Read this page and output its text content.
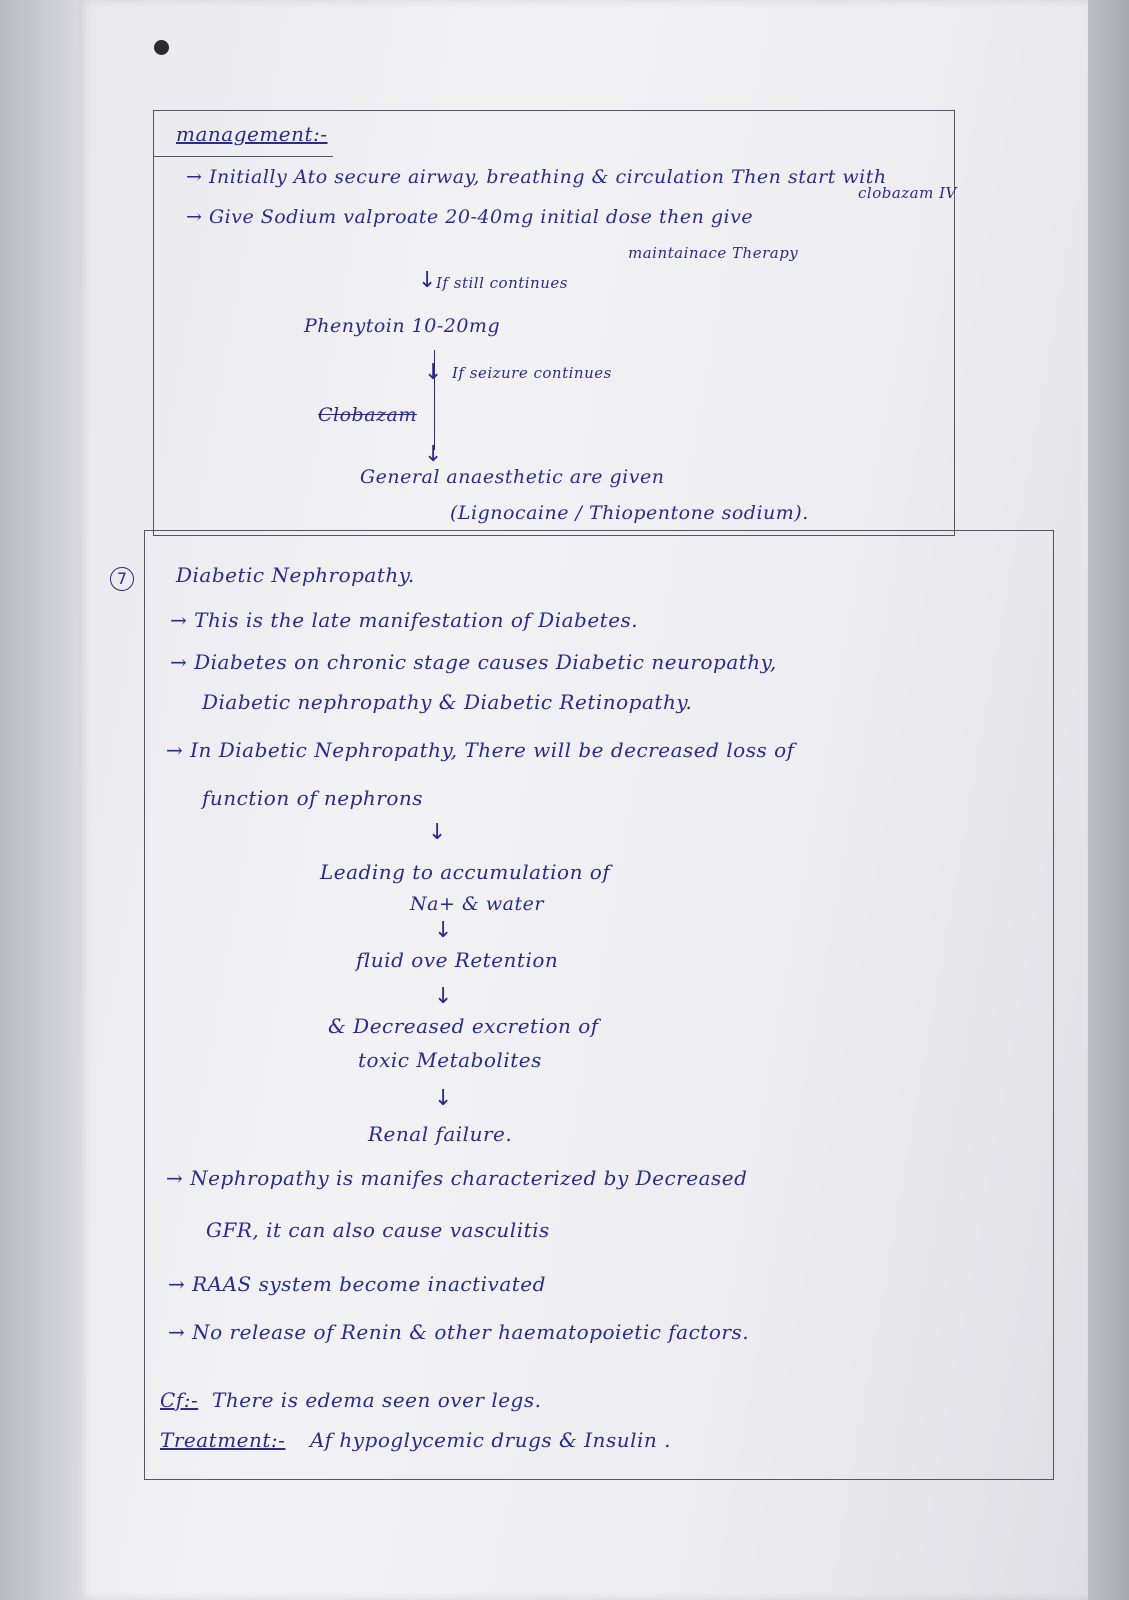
management:-
clobazam IV
→ Initially Ato secure airway, breathing & circulation Then start with
→ Give Sodium valproate 20-40mg initial dose then give
maintainace Therapy
↓ If still continues
Phenytoin 10-20mg
↓ If seizure continues
Clobazam
↓
General anaesthetic are given
(Lignocaine / Thiopentone sodium).
7	Diabetic Nephropathy.
→ This is the late manifestation of Diabetes.
→ Diabetes on chronic stage causes Diabetic neuropathy,
Diabetic nephropathy & Diabetic Retinopathy.
→ In Diabetic Nephropathy, There will be decreased loss of
function of nephrons
↓
Leading to accumulation of
Na+ & water
↓
fluid ove Retention
↓
& Decreased excretion of
toxic Metabolites
↓
Renal failure.
→ Nephropathy is manifes characterized by Decreased
GFR, it can also cause vasculitis
→ RAAS system become inactivated
→ No release of Renin & other haematopoietic factors.
Cf:- There is edema seen over legs.
Treatment:- Af hypoglycemic drugs & Insulin .
